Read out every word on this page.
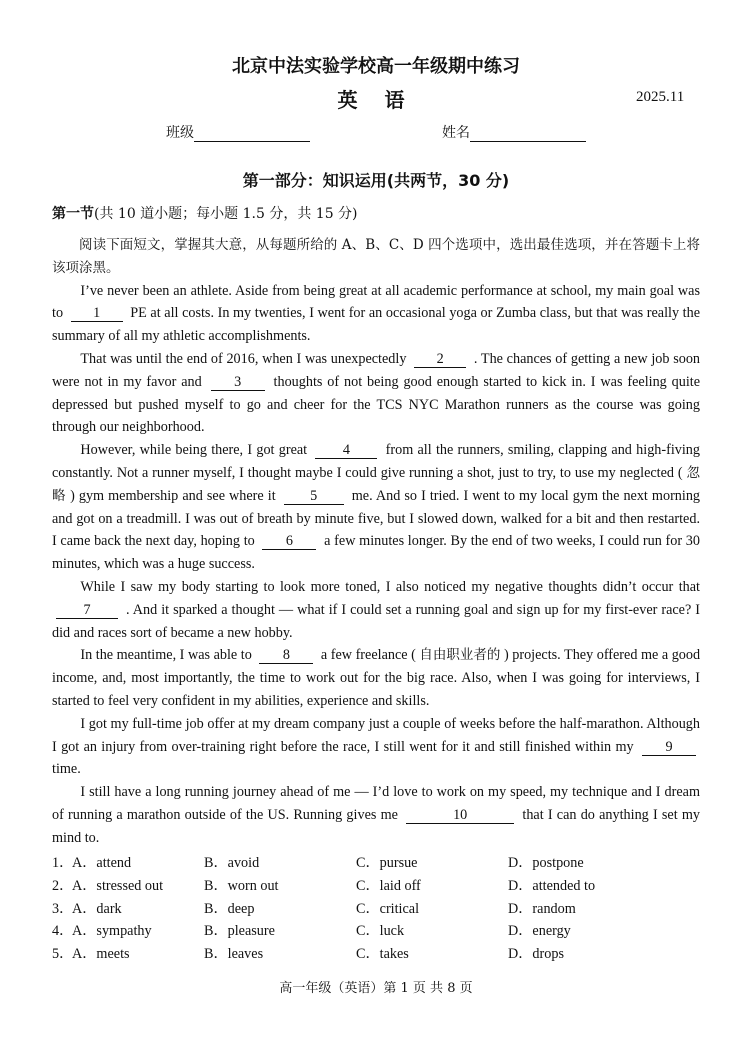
北京中法实验学校高一年级期中练习
英 语	2025.11
班级	姓名
第一部分：知识运用(共两节，30 分)
第一节(共 10 道小题；每小题 1.5 分，共 15 分)

阅读下面短文，掌握其大意，从每题所给的 A、B、C、D 四个选项中，选出最佳选项，并在答题卡上将该项涂黑。

I’ve never been an athlete. Aside from being great at all academic performance at school, my main goal was to 1 PE at all costs. In my twenties, I went for an occasional yoga or Zumba class, but that was really the summary of all my athletic accomplishments.

That was until the end of 2016, when I was unexpectedly 2 . The chances of getting a new job soon were not in my favor and 3 thoughts of not being good enough started to kick in. I was feeling quite depressed but pushed myself to go and cheer for the TCS NYC Marathon runners as the course was going through our neighborhood.

However, while being there, I got great	4	from all the runners, smiling, clapping and high-fiving constantly. Not a runner myself, I thought maybe I could give running a shot, just to try, to use my neglected ( 忽略 ) gym membership and see where it 5 me. And so I tried. I went to my local gym the next morning and got on a treadmill. I was out of breath by minute five, but I slowed down, walked for a bit and then restarted. I came back the next day, hoping to 6 a few minutes longer. By the end of two weeks, I could run for 30 minutes, which was a huge success.

While I saw my body starting to look more toned, I also noticed my negative thoughts didn’t occur that 7 . And it sparked a thought — what if I could set a running goal and sign up for my first-ever race? I did and races sort of became a new hobby.

In the meantime, I was able to 8 a few freelance ( 自由职业者的 ) projects. They offered me a good income, and, most importantly, the time to work out for the big race. Also, when I was going for interviews, I started to feel very confident in my abilities, experience and skills.

I got my full-time job offer at my dream company just a couple of weeks before the half-marathon. Although I got an injury from over-training right before the race, I still went for it and still finished within my 9 time.

I still have a long running journey ahead of me — I’d love to work on my speed, my technique and I dream of running a marathon outside of the US. Running gives me	10	that I can do anything I set my mind to.

1．
A．attend	B．avoid	C．pursue	D．postpone
2．
A．stressed out	B．worn out	C．laid off	D．attended to
3．
A．dark	B．deep	C．critical	D．random
4．
A．sympathy	B．pleasure	C．luck	D．energy
5．
A．meets	B．leaves	C．takes	D．drops
高一年级（英语）第 1 页 共 8 页
